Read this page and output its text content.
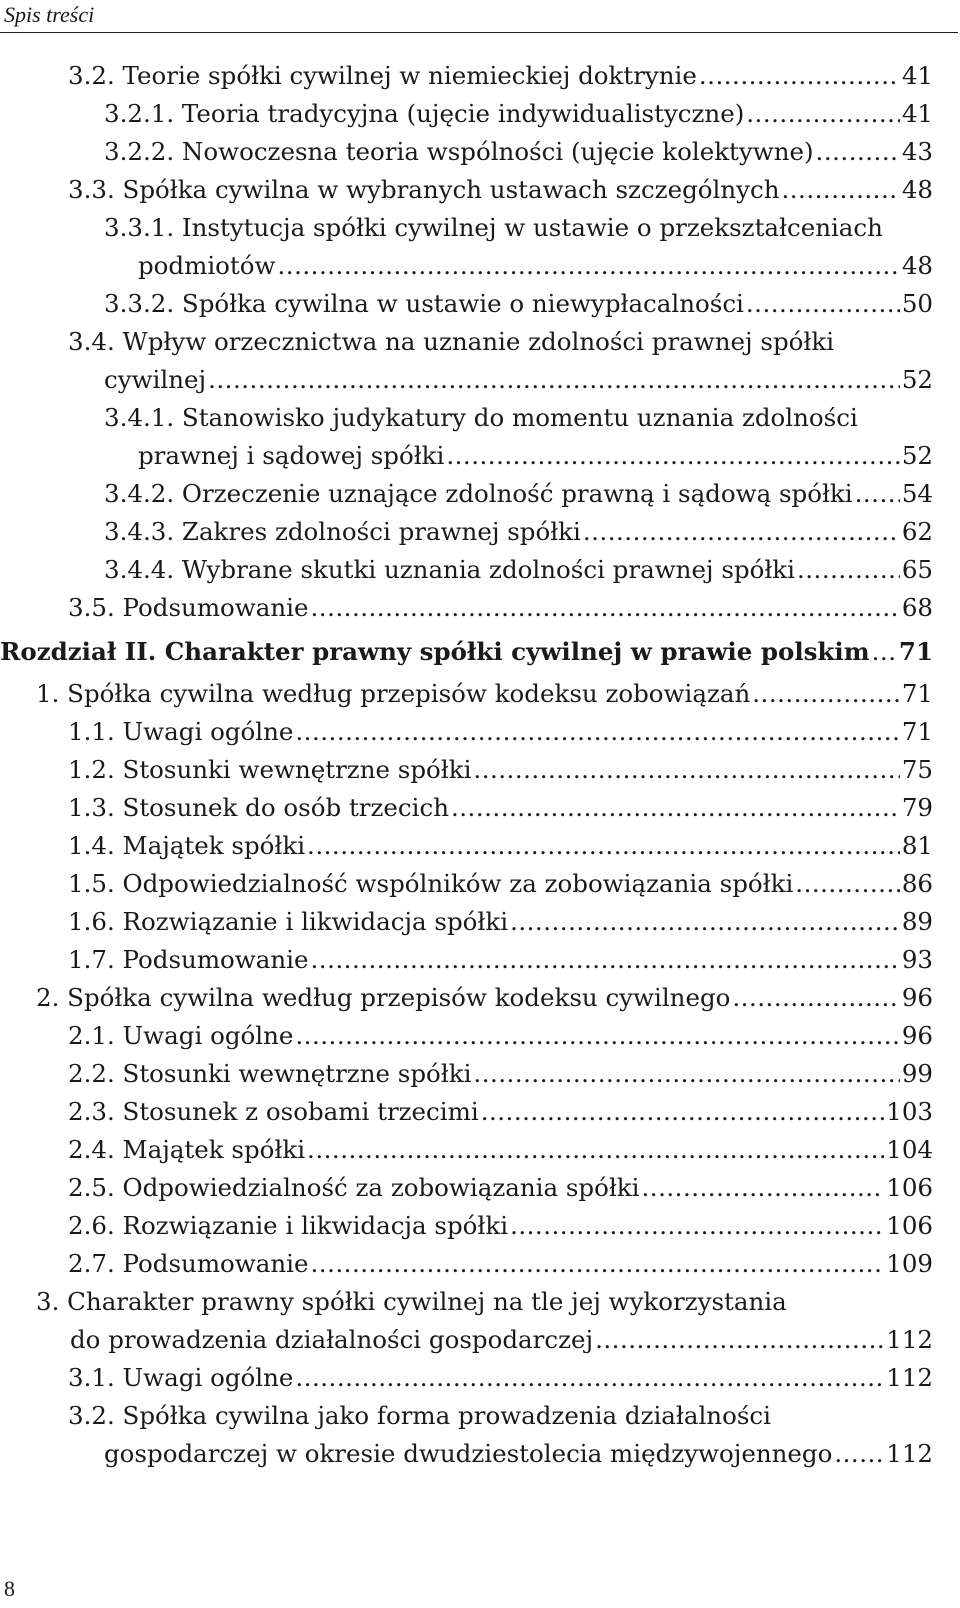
Spis treści
3.2. Teorie spółki cywilnej w niemieckiej doktrynie .....	41
3.2.1. Teoria tradycyjna (ujęcie indywidualistyczne) .....	41
3.2.2. Nowoczesna teoria wspólności (ujęcie kolektywne) .....	43
3.3. Spółka cywilna w wybranych ustawach szczególnych .....	48
3.3.1. Instytucja spółki cywilnej w ustawie o przekształceniach
podmiotów .....	48
3.3.2. Spółka cywilna w ustawie o niewypłacalności .....	50
3.4. Wpływ orzecznictwa na uznanie zdolności prawnej spółki
cywilnej .....	52
3.4.1. Stanowisko judykatury do momentu uznania zdolności
prawnej i sądowej spółki .....	52
3.4.2. Orzeczenie uznające zdolność prawną i sądową spółki ..... 54
3.4.3. Zakres zdolności prawnej spółki .....	62
3.4.4. Wybrane skutki uznania zdolności prawnej spółki .....	65
3.5. Podsumowanie .....	68
Rozdział II. Charakter prawny spółki cywilnej w prawie polskim ..... 71
1. Spółka cywilna według przepisów kodeksu zobowiązań .....	71
1.1. Uwagi ogólne .....	71
1.2. Stosunki wewnętrzne spółki .....	75
1.3. Stosunek do osób trzecich .....	79
1.4. Majątek spółki .....	81
1.5. Odpowiedzialność wspólników za zobowiązania spółki .....	86
1.6. Rozwiązanie i likwidacja spółki .....	89
1.7. Podsumowanie .....	93
2. Spółka cywilna według przepisów kodeksu cywilnego .....	96
2.1. Uwagi ogólne .....	96
2.2. Stosunki wewnętrzne spółki .....	99
2.3. Stosunek z osobami trzecimi .....	103
2.4. Majątek spółki .....	104
2.5. Odpowiedzialność za zobowiązania spółki .....	106
2.6. Rozwiązanie i likwidacja spółki .....	106
2.7. Podsumowanie .....	109
3. Charakter prawny spółki cywilnej na tle jej wykorzystania
do prowadzenia działalności gospodarczej .....	112
3.1. Uwagi ogólne .....	112
3.2. Spółka cywilna jako forma prowadzenia działalności
gospodarczej w okresie dwudziestolecia międzywojennego ..... 112
8
